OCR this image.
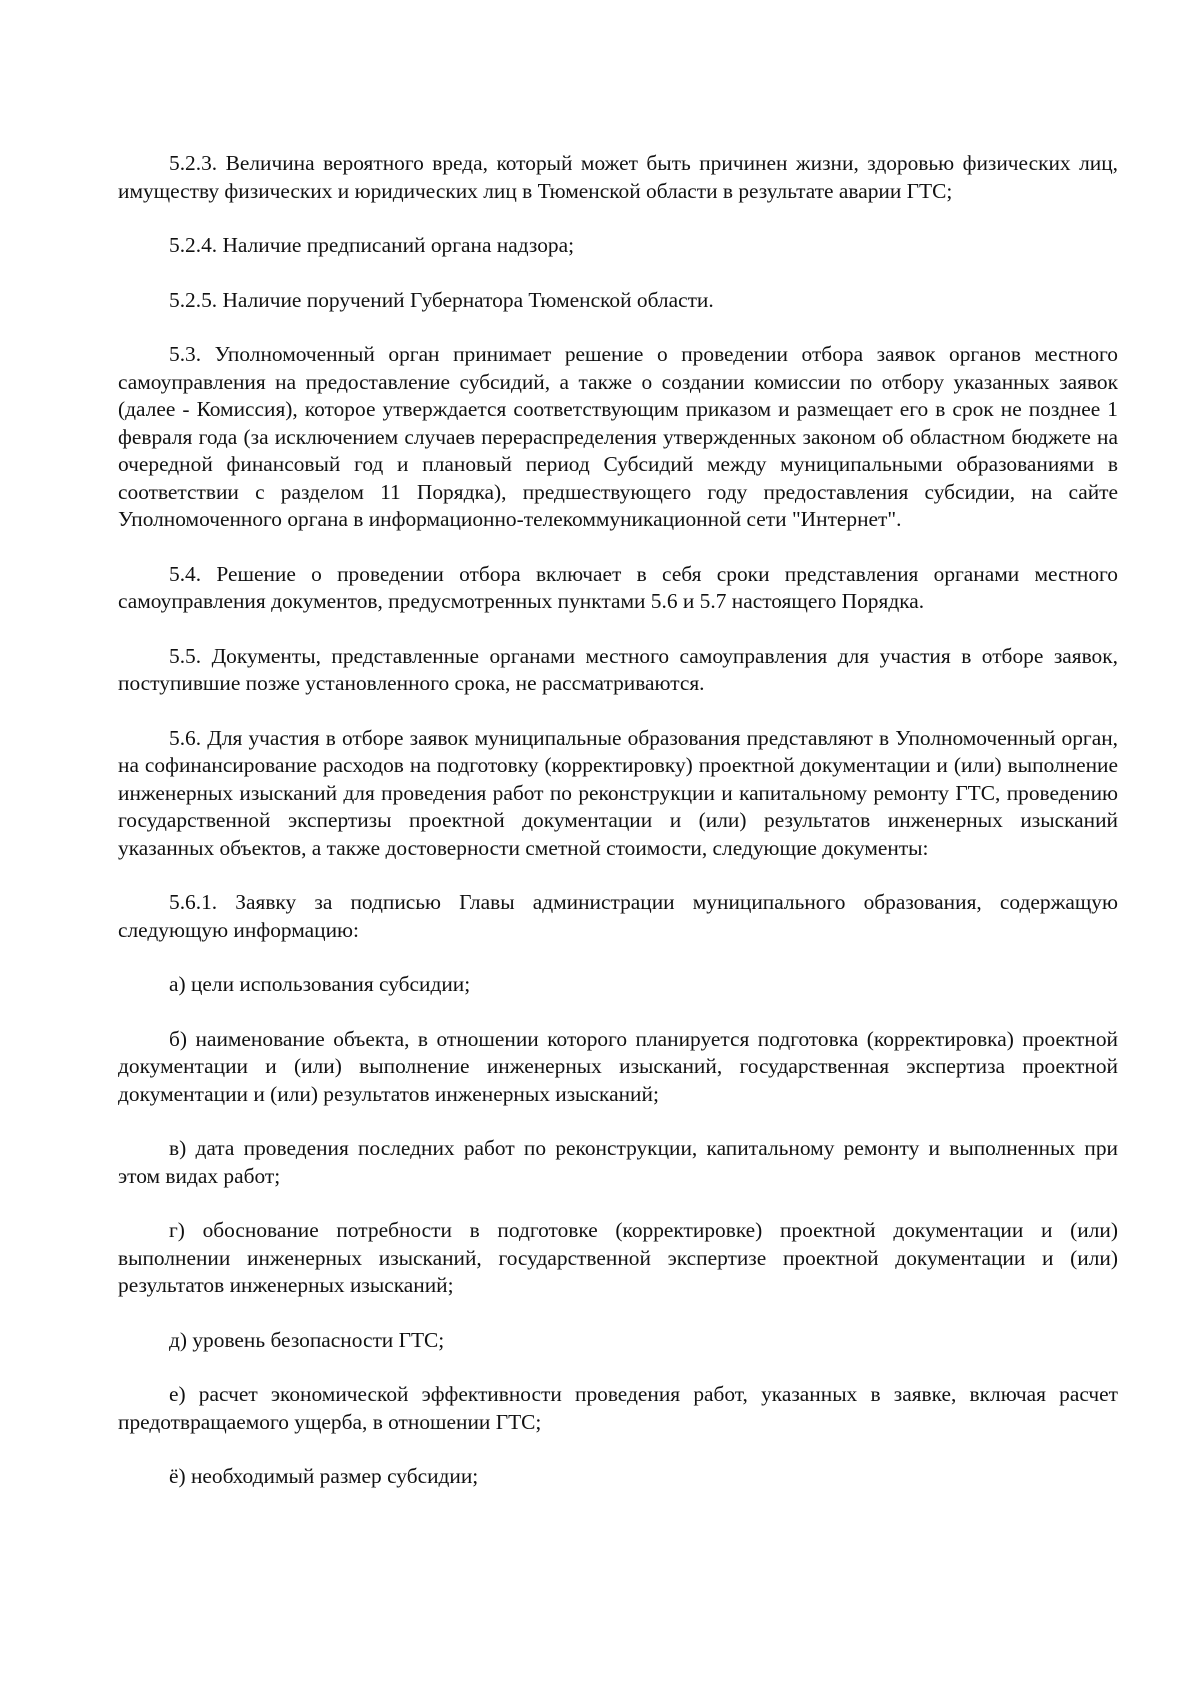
5.2.3. Величина вероятного вреда, который может быть причинен жизни, здоровью физических лиц, имуществу физических и юридических лиц в Тюменской области в результате аварии ГТС;

5.2.4. Наличие предписаний органа надзора;

5.2.5. Наличие поручений Губернатора Тюменской области.

5.3. Уполномоченный орган принимает решение о проведении отбора заявок органов местного самоуправления на предоставление субсидий, а также о создании комиссии по отбору указанных заявок (далее - Комиссия), которое утверждается соответствующим приказом и размещает его в срок не позднее 1 февраля года (за исключением случаев перераспределения утвержденных законом об областном бюджете на очередной финансовый год и плановый период Субсидий между муниципальными образованиями в соответствии с разделом 11 Порядка), предшествующего году предоставления субсидии, на сайте Уполномоченного органа в информационно-телекоммуникационной сети "Интернет".

5.4. Решение о проведении отбора включает в себя сроки представления органами местного самоуправления документов, предусмотренных пунктами 5.6 и 5.7 настоящего Порядка.

5.5. Документы, представленные органами местного самоуправления для участия в отборе заявок, поступившие позже установленного срока, не рассматриваются.

5.6. Для участия в отборе заявок муниципальные образования представляют в Уполномоченный орган, на софинансирование расходов на подготовку (корректировку) проектной документации и (или) выполнение инженерных изысканий для проведения работ по реконструкции и капитальному ремонту ГТС, проведению государственной экспертизы проектной документации и (или) результатов инженерных изысканий указанных объектов, а также достоверности сметной стоимости, следующие документы:

5.6.1. Заявку за подписью Главы администрации муниципального образования, содержащую следующую информацию:

а) цели использования субсидии;

б) наименование объекта, в отношении которого планируется подготовка (корректировка) проектной документации и (или) выполнение инженерных изысканий, государственная экспертиза проектной документации и (или) результатов инженерных изысканий;

в) дата проведения последних работ по реконструкции, капитальному ремонту и выполненных при этом видах работ;

г) обоснование потребности в подготовке (корректировке) проектной документации и (или) выполнении инженерных изысканий, государственной экспертизе проектной документации и (или) результатов инженерных изысканий;

д) уровень безопасности ГТС;

е) расчет экономической эффективности проведения работ, указанных в заявке, включая расчет предотвращаемого ущерба, в отношении ГТС;

ё) необходимый размер субсидии;
